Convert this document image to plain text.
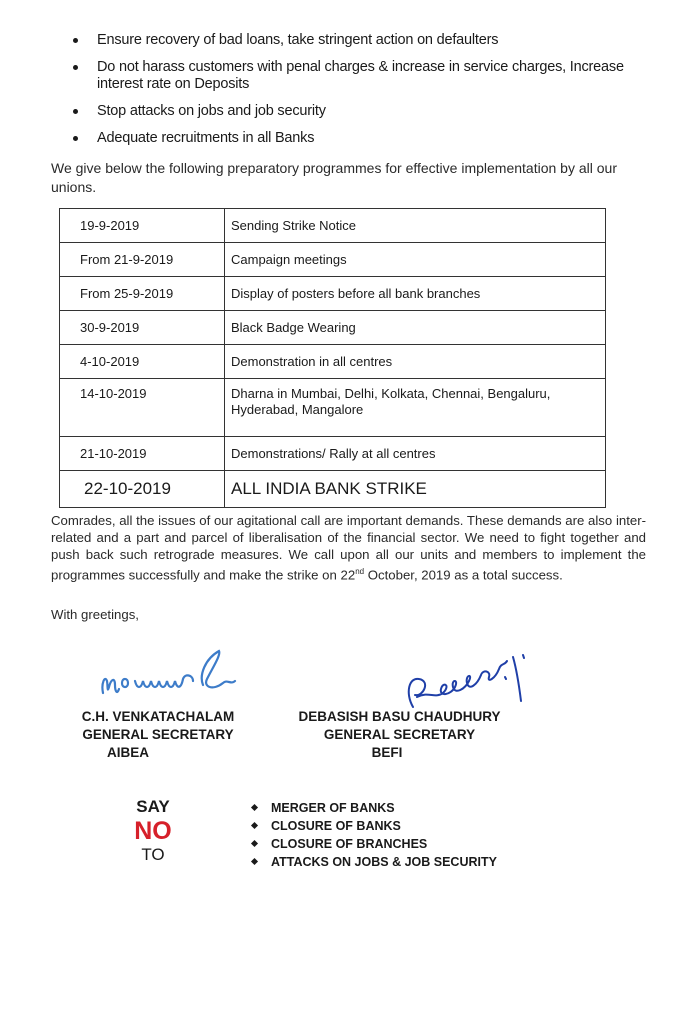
Ensure recovery of bad loans, take stringent action on defaulters
Do not harass customers with penal charges & increase in service charges, Increase interest rate on Deposits
Stop attacks on jobs and job security
Adequate recruitments in all Banks

We give below the following preparatory programmes for effective implementation by all our unions.

19-9-2019	Sending Strike Notice
From 21-9-2019	Campaign meetings
From 25-9-2019	Display of posters before all bank branches
30-9-2019	Black Badge Wearing
4-10-2019	Demonstration in all centres
14-10-2019	Dharna in Mumbai, Delhi, Kolkata, Chennai, Bengaluru, Hyderabad, Mangalore
21-10-2019	Demonstrations/ Rally at all centres
22-10-2019	ALL INDIA BANK STRIKE

Comrades, all the issues of our agitational call are important demands. These demands are also inter-related and a part and parcel of liberalisation of the financial sector. We need to fight together and push back such retrograde measures. We call upon all our units and members to implement the programmes successfully and make the strike on 22nd October, 2019 as a total success.

With greetings,
C.H. VENKATACHALAM
GENERAL SECRETARY
AIBEA
DEBASISH BASU CHAUDHURY
GENERAL SECRETARY
BEFI
SAY
NO
TO
MERGER OF BANKS
CLOSURE OF BANKS
CLOSURE OF BRANCHES
ATTACKS ON JOBS & JOB SECURITY
